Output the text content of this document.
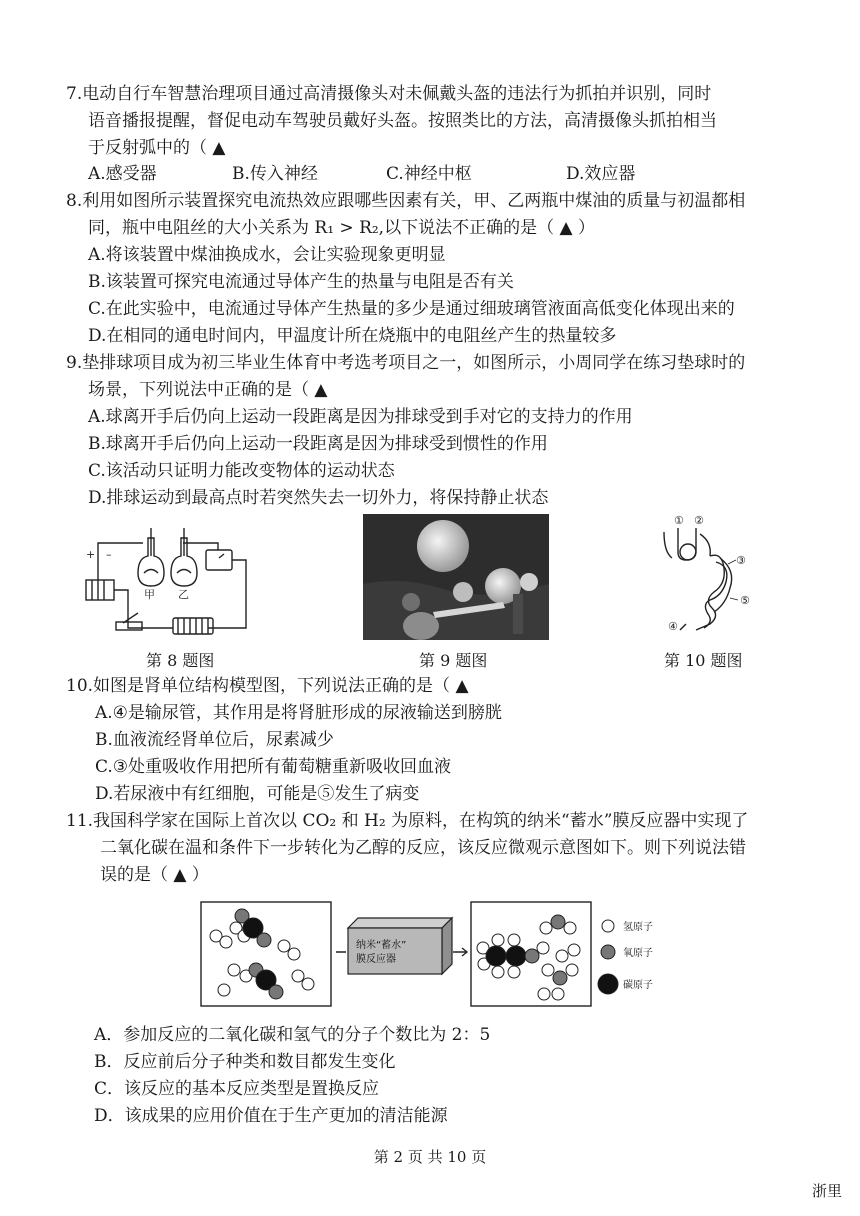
7.电动自行车智慧治理项目通过高清摄像头对未佩戴头盔的违法行为抓拍并识别，同时
语音播报提醒，督促电动车驾驶员戴好头盔。按照类比的方法，高清摄像头抓拍相当
于反射弧中的（ ▲
A.感受器	B.传入神经	C.神经中枢	D.效应器
8.利用如图所示装置探究电流热效应跟哪些因素有关，甲、乙两瓶中煤油的质量与初温都相
同，瓶中电阻丝的大小关系为 R₁ > R₂,以下说法不正确的是（ ▲ ）
A.将该装置中煤油换成水，会让实验现象更明显
B.该装置可探究电流通过导体产生的热量与电阻是否有关
C.在此实验中，电流通过导体产生热量的多少是通过细玻璃管液面高低变化体现出来的
D.在相同的通电时间内，甲温度计所在烧瓶中的电阻丝产生的热量较多
9.垫排球项目成为初三毕业生体育中考选考项目之一，如图所示，小周同学在练习垫球时的
场景，下列说法中正确的是（ ▲
A.球离开手后仍向上运动一段距离是因为排球受到手对它的支持力的作用
B.球离开手后仍向上运动一段距离是因为排球受到惯性的作用
C.该活动只证明力能改变物体的运动状态
D.排球运动到最高点时若突然失去一切外力，将保持静止状态
+ –
甲 乙
第 8 题图	第 9 题图
① ②
③
④
⑤
第 10 题图
10.如图是肾单位结构模型图，下列说法正确的是（ ▲
A.④是输尿管，其作用是将肾脏形成的尿液输送到膀胱
B.血液流经肾单位后，尿素减少
C.③处重吸收作用把所有葡萄糖重新吸收回血液
D.若尿液中有红细胞，可能是⑤发生了病变
11.我国科学家在国际上首次以 CO₂ 和 H₂ 为原料，在构筑的纳米“蓄水”膜反应器中实现了
二氧化碳在温和条件下一步转化为乙醇的反应，该反应微观示意图如下。则下列说法错
误的是（ ▲ ）
纳米“蓄水”
膜反应器
氢原子
氧原子
碳原子
A．参加反应的二氧化碳和氢气的分子个数比为 2：5
B．反应前后分子种类和数目都发生变化
C．该反应的基本反应类型是置换反应
D．该成果的应用价值在于生产更加的清洁能源
第 2 页 共 10 页
浙里
